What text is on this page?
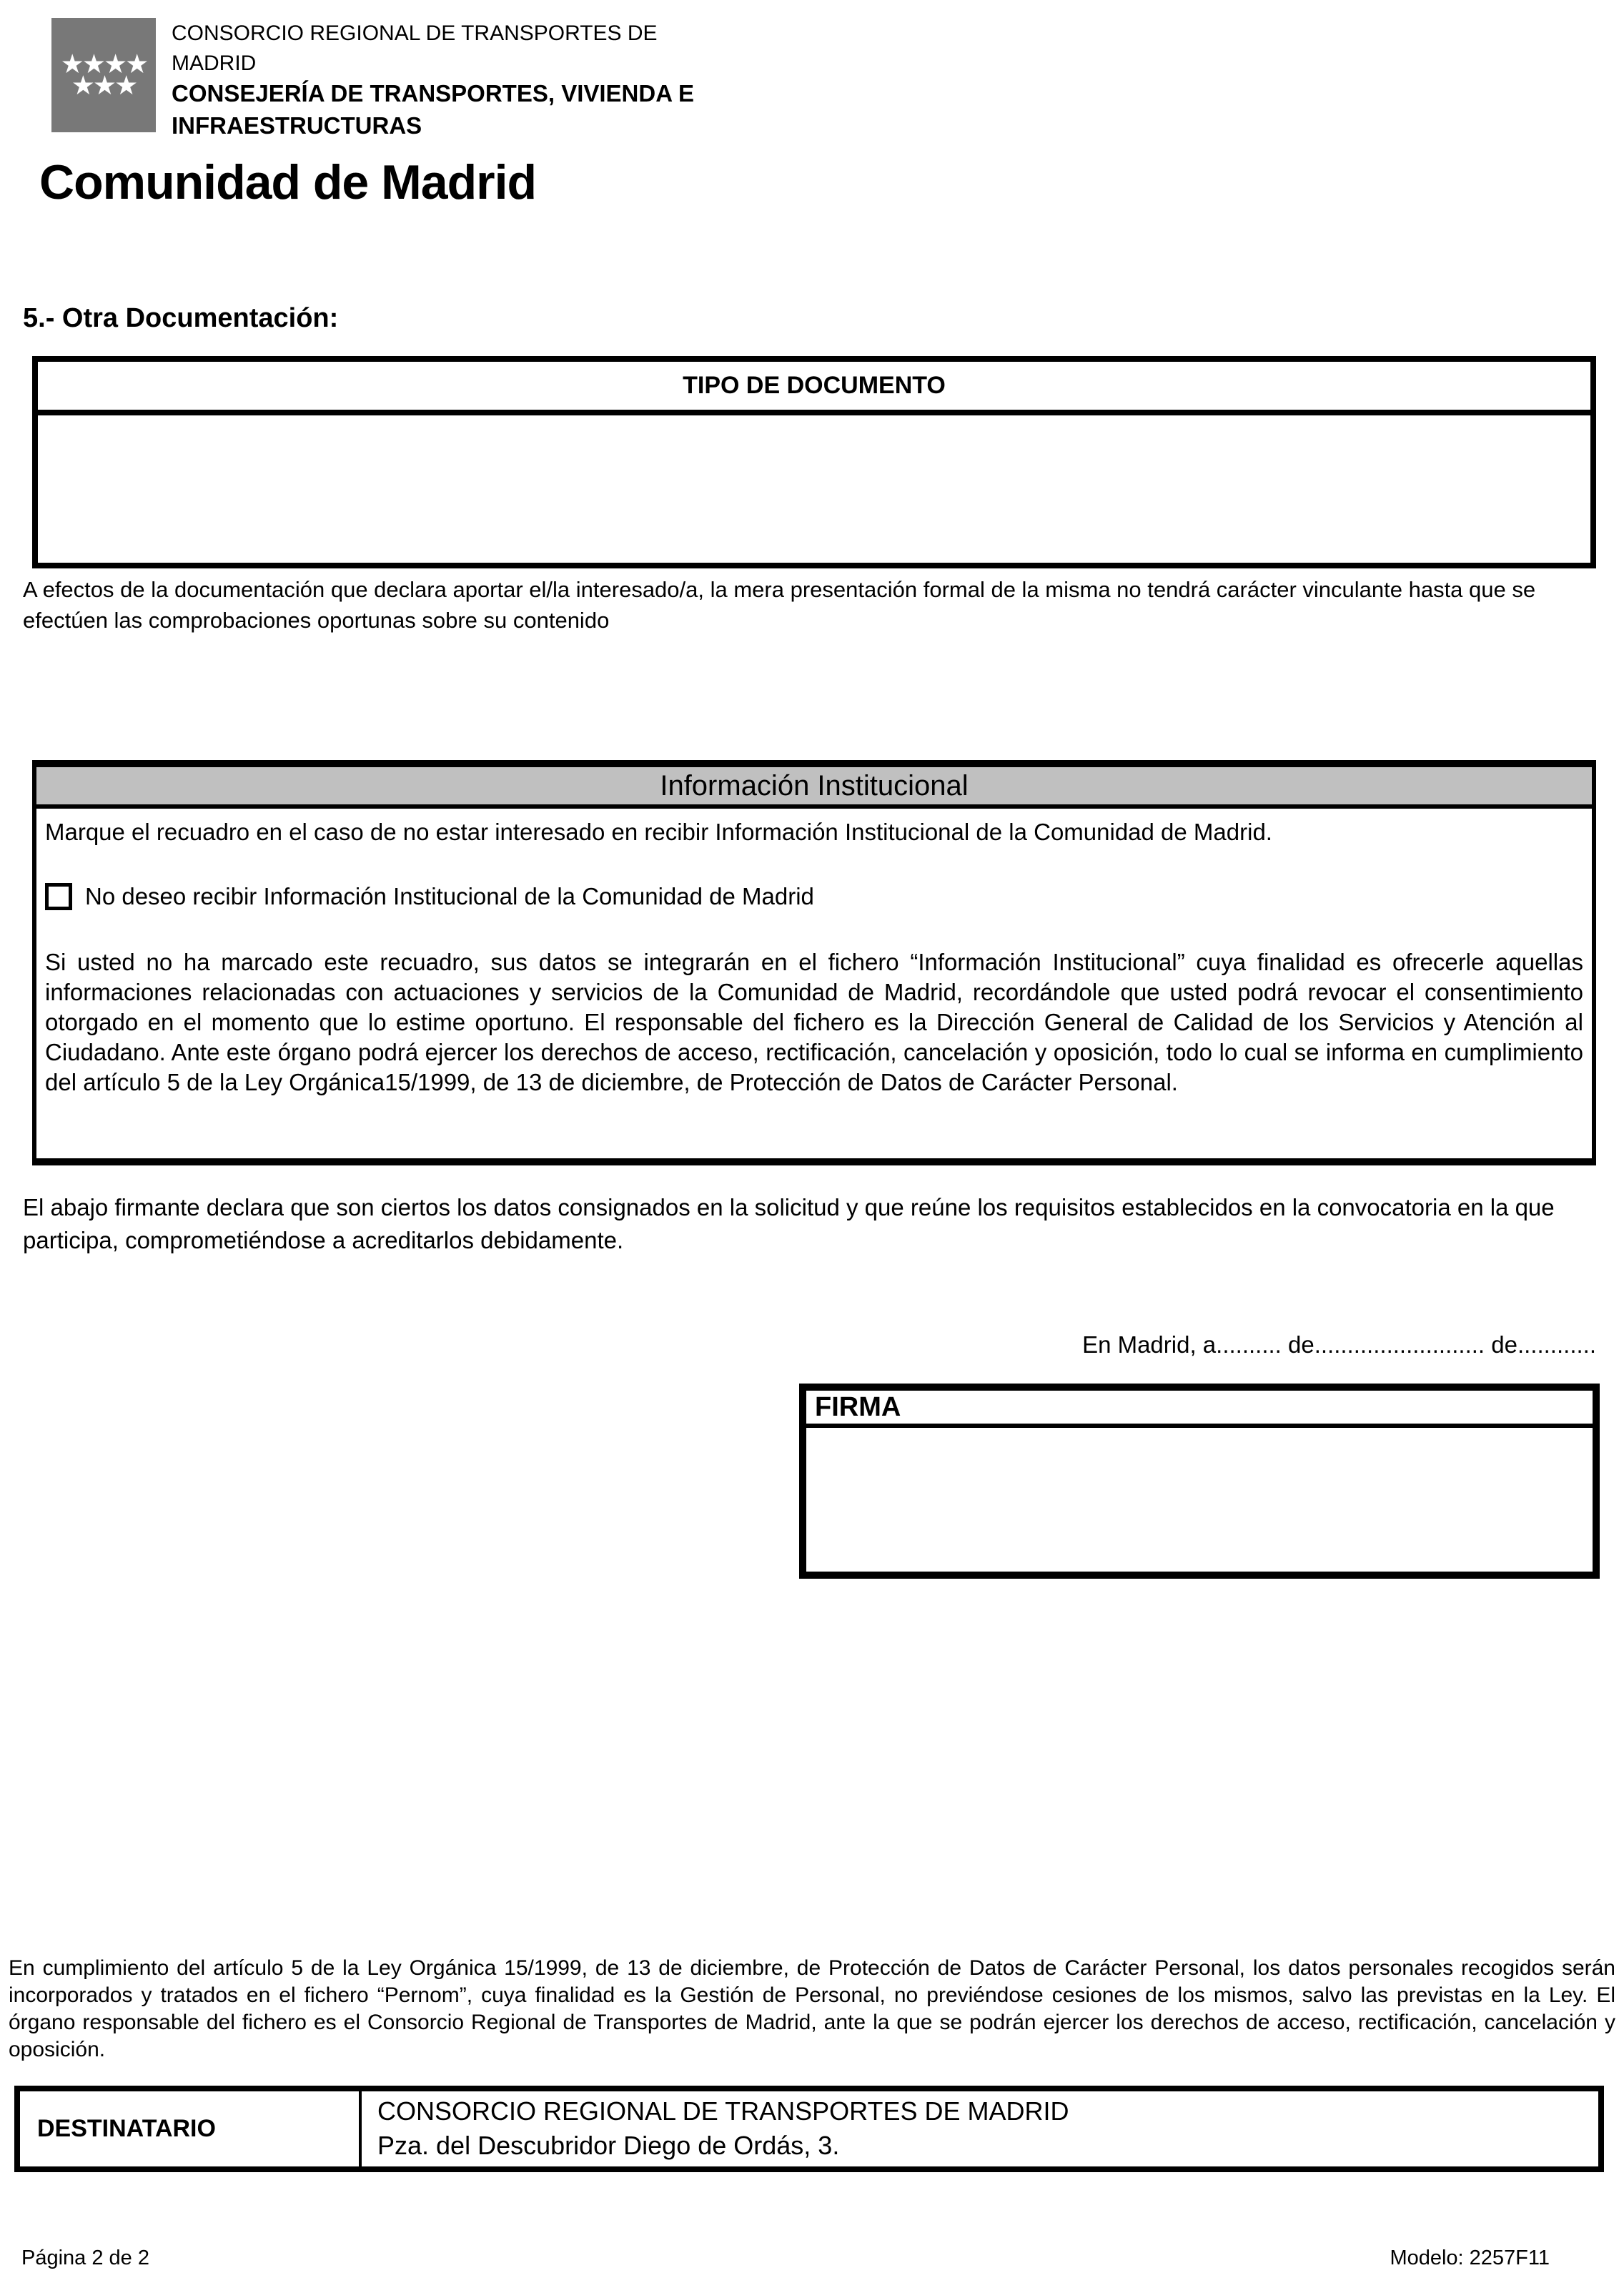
★★★★
★★★
CONSORCIO REGIONAL DE TRANSPORTES DE MADRID
CONSEJERÍA DE TRANSPORTES, VIVIENDA E INFRAESTRUCTURAS
Comunidad de Madrid
5.- Otra Documentación:
TIPO DE DOCUMENTO
A efectos de la documentación que declara aportar el/la interesado/a, la mera presentación formal de la misma no tendrá carácter vinculante hasta que se efectúen las comprobaciones oportunas sobre su contenido
Información Institucional
Marque el recuadro en el caso de no estar interesado en recibir Información Institucional de la Comunidad de Madrid.
No deseo recibir Información Institucional de la Comunidad de Madrid
Si usted no ha marcado este recuadro, sus datos se integrarán en el fichero “Información Institucional” cuya finalidad es ofrecerle aquellas informaciones relacionadas con actuaciones y servicios de la Comunidad de Madrid, recordándole que usted podrá revocar el consentimiento otorgado en el momento que lo estime oportuno. El responsable del fichero es la Dirección General de Calidad de los Servicios y Atención al Ciudadano. Ante este órgano podrá ejercer los derechos de acceso, rectificación, cancelación y oposición, todo lo cual se informa en cumplimiento del artículo 5 de la Ley Orgánica15/1999, de 13 de diciembre, de Protección de Datos de Carácter Personal.
El abajo firmante declara que son ciertos los datos consignados en la solicitud y que reúne los requisitos establecidos en la convocatoria en la que participa, comprometiéndose a acreditarlos debidamente.
En Madrid, a.......... de.......................... de............
FIRMA
En cumplimiento del artículo 5 de la Ley Orgánica 15/1999, de 13 de diciembre, de Protección de Datos de Carácter Personal, los datos personales recogidos serán incorporados y tratados en el fichero “Pernom”, cuya finalidad es la Gestión de Personal, no previéndose cesiones de los mismos, salvo las previstas en la Ley. El órgano responsable del fichero es el Consorcio Regional de Transportes de Madrid, ante la que se podrán ejercer los derechos de acceso, rectificación, cancelación y oposición.
DESTINATARIO
CONSORCIO REGIONAL DE TRANSPORTES DE MADRID
Pza. del Descubridor Diego de Ordás, 3.
Página 2 de 2	Modelo: 2257F11
